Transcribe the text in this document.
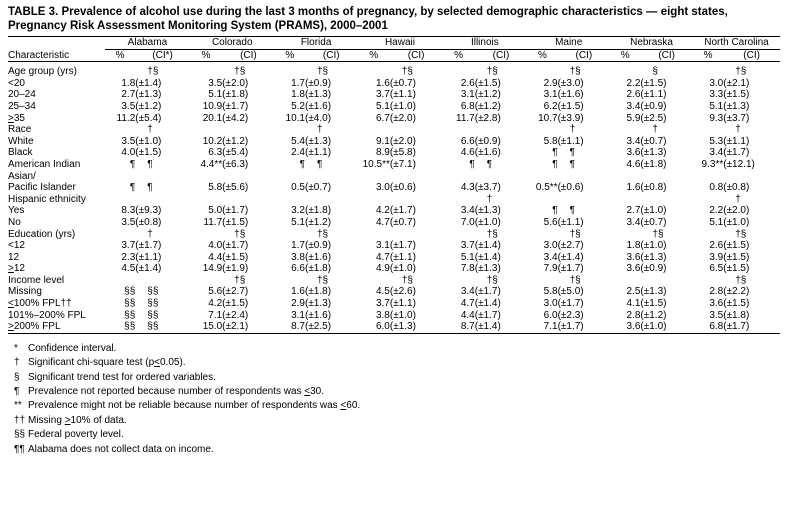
TABLE 3. Prevalence of alcohol use during the last 3 months of pregnancy, by selected demographic characteristics — eight states, Pregnancy Risk Assessment Monitoring System (PRAMS), 2000–2001
	Alabama		Colorado		Florida		Hawaii		Illinois		Maine		Nebraska		North Carolina	
Characteristic	%	(CI*)	%	(CI)	%	(CI)	%	(CI)	%	(CI)	%	(CI)	%	(CI)	%	(CI)

Age group (yrs)		†§		†§		†§		†§		†§		†§		§		†§
<20	1.8	(±1.4)	3.5	(±2.0)	1.7	(±0.9)	1.6	(±0.7)	2.6	(±1.5)	2.9	(±3.0)	2.2	(±1.5)	3.0	(±2.1)
20–24	2.7	(±1.3)	5.1	(±1.8)	1.8	(±1.3)	3.7	(±1.1)	3.1	(±1.2)	3.1	(±1.6)	2.6	(±1.1)	3.3	(±1.5)
25–34	3.5	(±1.2)	10.9	(±1.7)	5.2	(±1.6)	5.1	(±1.0)	6.8	(±1.2)	6.2	(±1.5)	3.4	(±0.9)	5.1	(±1.3)
>35	11.2	(±5.4)	20.1	(±4.2)	10.1	(±4.0)	6.7	(±2.0)	11.7	(±2.8)	10.7	(±3.9)	5.9	(±2.5)	9.3	(±3.7)
Race		†				†						†		†		†
White	3.5	(±1.0)	10.2	(±1.2)	5.4	(±1.3)	9.1	(±2.0)	6.6	(±0.9)	5.8	(±1.1)	3.4	(±0.7)	5.3	(±1.1)
Black	4.0	(±1.5)	6.3	(±5.4)	2.4	(±1.1)	8.9	(±5.8)	4.6	(±1.6)	¶	¶	3.6	(±1.3)	3.4	(±1.7)
American Indian	¶	¶	4.4**	(±6.3)	¶	¶	10.5**	(±7.1)	¶	¶	¶	¶	4.6	(±1.8)	9.3**	(±12.1)
Asian/																
Pacific Islander	¶	¶	5.8	(±5.6)	0.5	(±0.7)	3.0	(±0.6)	4.3	(±3.7)	0.5**	(±0.6)	1.6	(±0.8)	0.8	(±0.8)
Hispanic ethnicity										†						†
Yes	8.3	(±9.3)	5.0	(±1.7)	3.2	(±1.8)	4.2	(±1.7)	3.4	(±1.3)	¶	¶	2.7	(±1.0)	2.2	(±2.0)
No	3.5	(±0.8)	11.7	(±1.5)	5.1	(±1.2)	4.7	(±0.7)	7.0	(±1.0)	5.6	(±1.1)	3.4	(±0.7)	5.1	(±1.0)
Education (yrs)		†		†§		†§				†§		†§		†§		†§
<12	3.7	(±1.7)	4.0	(±1.7)	1.7	(±0.9)	3.1	(±1.7)	3.7	(±1.4)	3.0	(±2.7)	1.8	(±1.0)	2.6	(±1.5)
12	2.3	(±1.1)	4.4	(±1.5)	3.8	(±1.6)	4.7	(±1.1)	5.1	(±1.4)	3.4	(±1.4)	3.6	(±1.3)	3.9	(±1.5)
>12	4.5	(±1.4)	14.9	(±1.9)	6.6	(±1.8)	4.9	(±1.0)	7.8	(±1.3)	7.9	(±1.7)	3.6	(±0.9)	6.5	(±1.5)
Income level				†§		†§		†§		†§		†§				†§
Missing	§§	§§	5.6	(±2.7)	1.6	(±1.8)	4.5	(±2.6)	3.4	(±1.7)	5.8	(±5.0)	2.5	(±1.3)	2.8	(±2.2)
<100% FPL††	§§	§§	4.2	(±1.5)	2.9	(±1.3)	3.7	(±1.1)	4.7	(±1.4)	3.0	(±1.7)	4.1	(±1.5)	3.6	(±1.5)
101%–200% FPL	§§	§§	7.1	(±2.4)	3.1	(±1.6)	3.8	(±1.0)	4.4	(±1.7)	6.0	(±2.3)	2.8	(±1.2)	3.5	(±1.8)
>200% FPL	§§	§§	15.0	(±2.1)	8.7	(±2.5)	6.0	(±1.3)	8.7	(±1.4)	7.1	(±1.7)	3.6	(±1.0)	6.8	(±1.7)
* Confidence interval.
† Significant chi-square test (p<0.05).
§ Significant trend test for ordered variables.
¶ Prevalence not reported because number of respondents was <30.
** Prevalence might not be reliable because number of respondents was <60.
†† Missing >10% of data.
§§ Federal poverty level.
¶¶ Alabama does not collect data on income.
